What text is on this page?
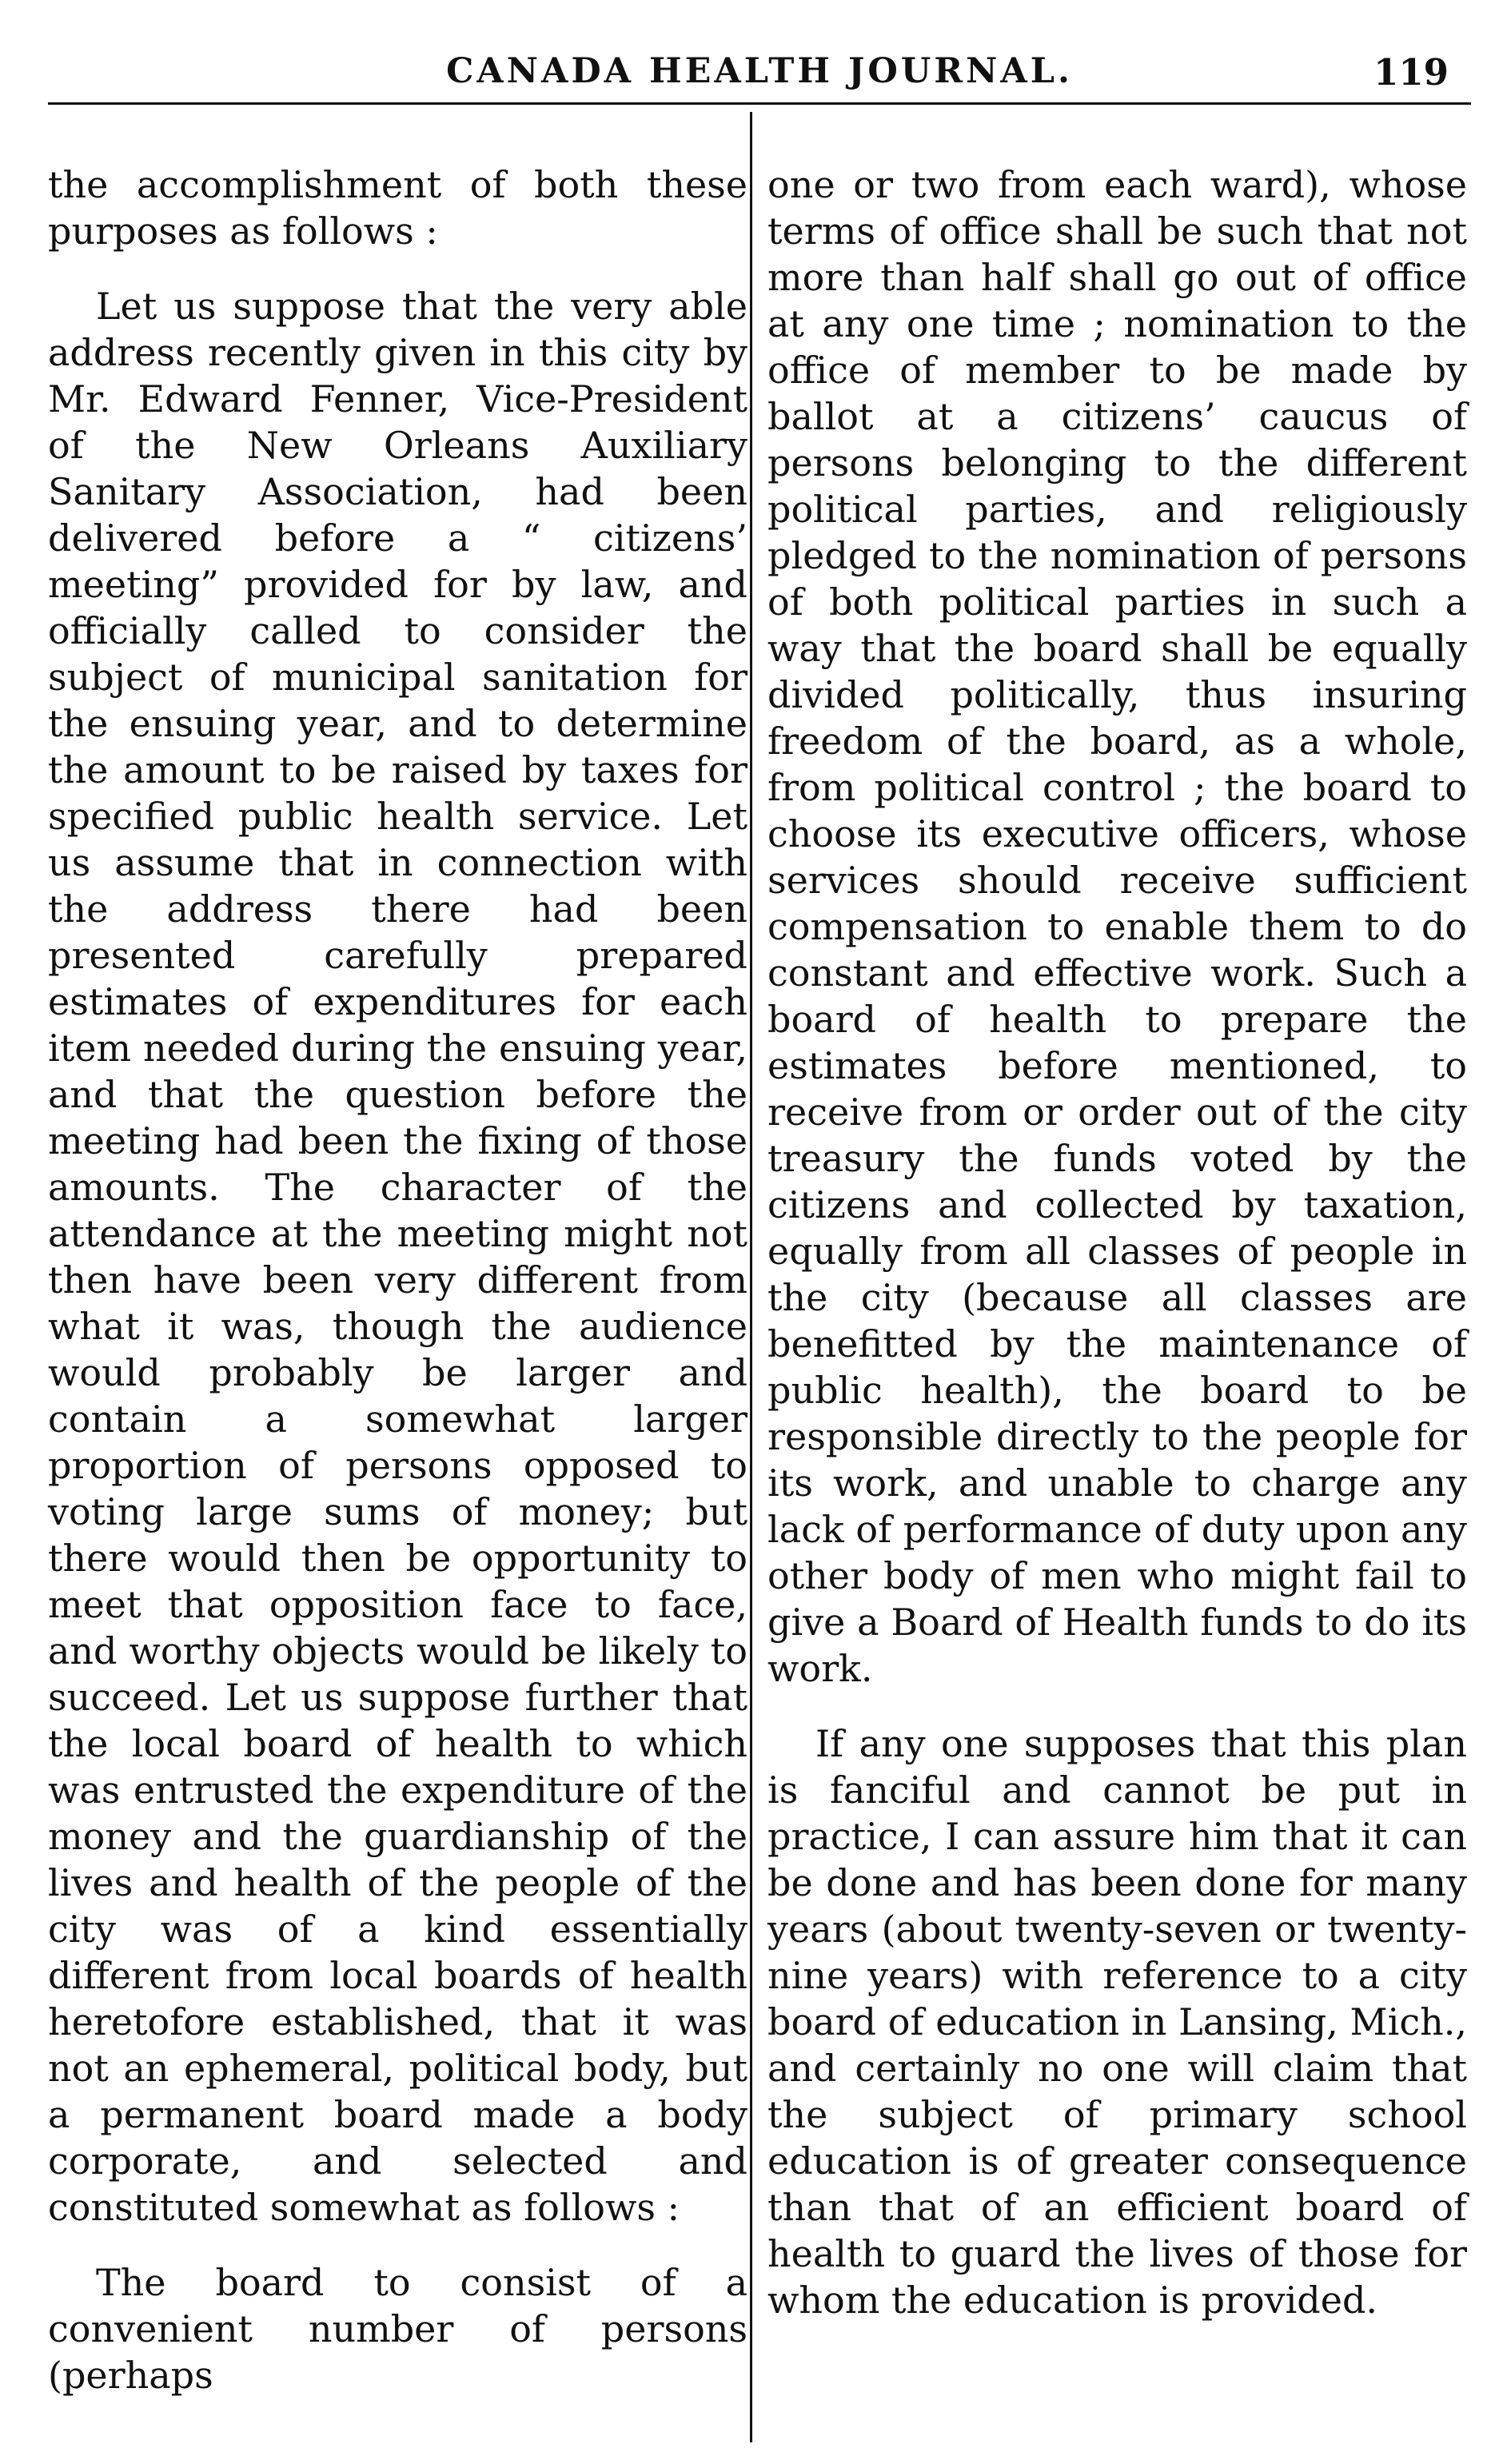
CANADA HEALTH JOURNAL.	119

the accomplishment of both these purposes as follows :

Let us suppose that the very able address recently given in this city by Mr. Edward Fenner, Vice-President of the New Orleans Auxiliary Sanitary Association, had been delivered before a “ citizens’ meeting” provided for by law, and officially called to consider the subject of municipal sanitation for the ensuing year, and to determine the amount to be raised by taxes for specified public health service. Let us assume that in connection with the address there had been presented carefully prepared estimates of expenditures for each item needed during the ensuing year, and that the question before the meeting had been the fixing of those amounts. The character of the attendance at the meeting might not then have been very different from what it was, though the audience would probably be larger and contain a somewhat larger proportion of persons opposed to voting large sums of money; but there would then be opportunity to meet that opposition face to face, and worthy objects would be likely to succeed. Let us suppose further that the local board of health to which was entrusted the expenditure of the money and the guardianship of the lives and health of the people of the city was of a kind essentially different from local boards of health heretofore established, that it was not an ephemeral, political body, but a permanent board made a body corporate, and selected and constituted somewhat as follows :

The board to consist of a convenient number of persons (perhaps

one or two from each ward), whose terms of office shall be such that not more than half shall go out of office at any one time ; nomination to the office of member to be made by ballot at a citizens’ caucus of persons belonging to the different political parties, and religiously pledged to the nomination of persons of both political parties in such a way that the board shall be equally divided politically, thus insuring freedom of the board, as a whole, from political control ; the board to choose its executive officers, whose services should receive sufficient compensation to enable them to do constant and effective work. Such a board of health to prepare the estimates before mentioned, to receive from or order out of the city treasury the funds voted by the citizens and collected by taxation, equally from all classes of people in the city (because all classes are benefitted by the maintenance of public health), the board to be responsible directly to the people for its work, and unable to charge any lack of performance of duty upon any other body of men who might fail to give a Board of Health funds to do its work.

If any one supposes that this plan is fanciful and cannot be put in practice, I can assure him that it can be done and has been done for many years (about twenty-seven or twenty-nine years) with reference to a city board of education in Lansing, Mich., and certainly no one will claim that the subject of primary school education is of greater consequence than that of an efficient board of health to guard the lives of those for whom the education is provided.
